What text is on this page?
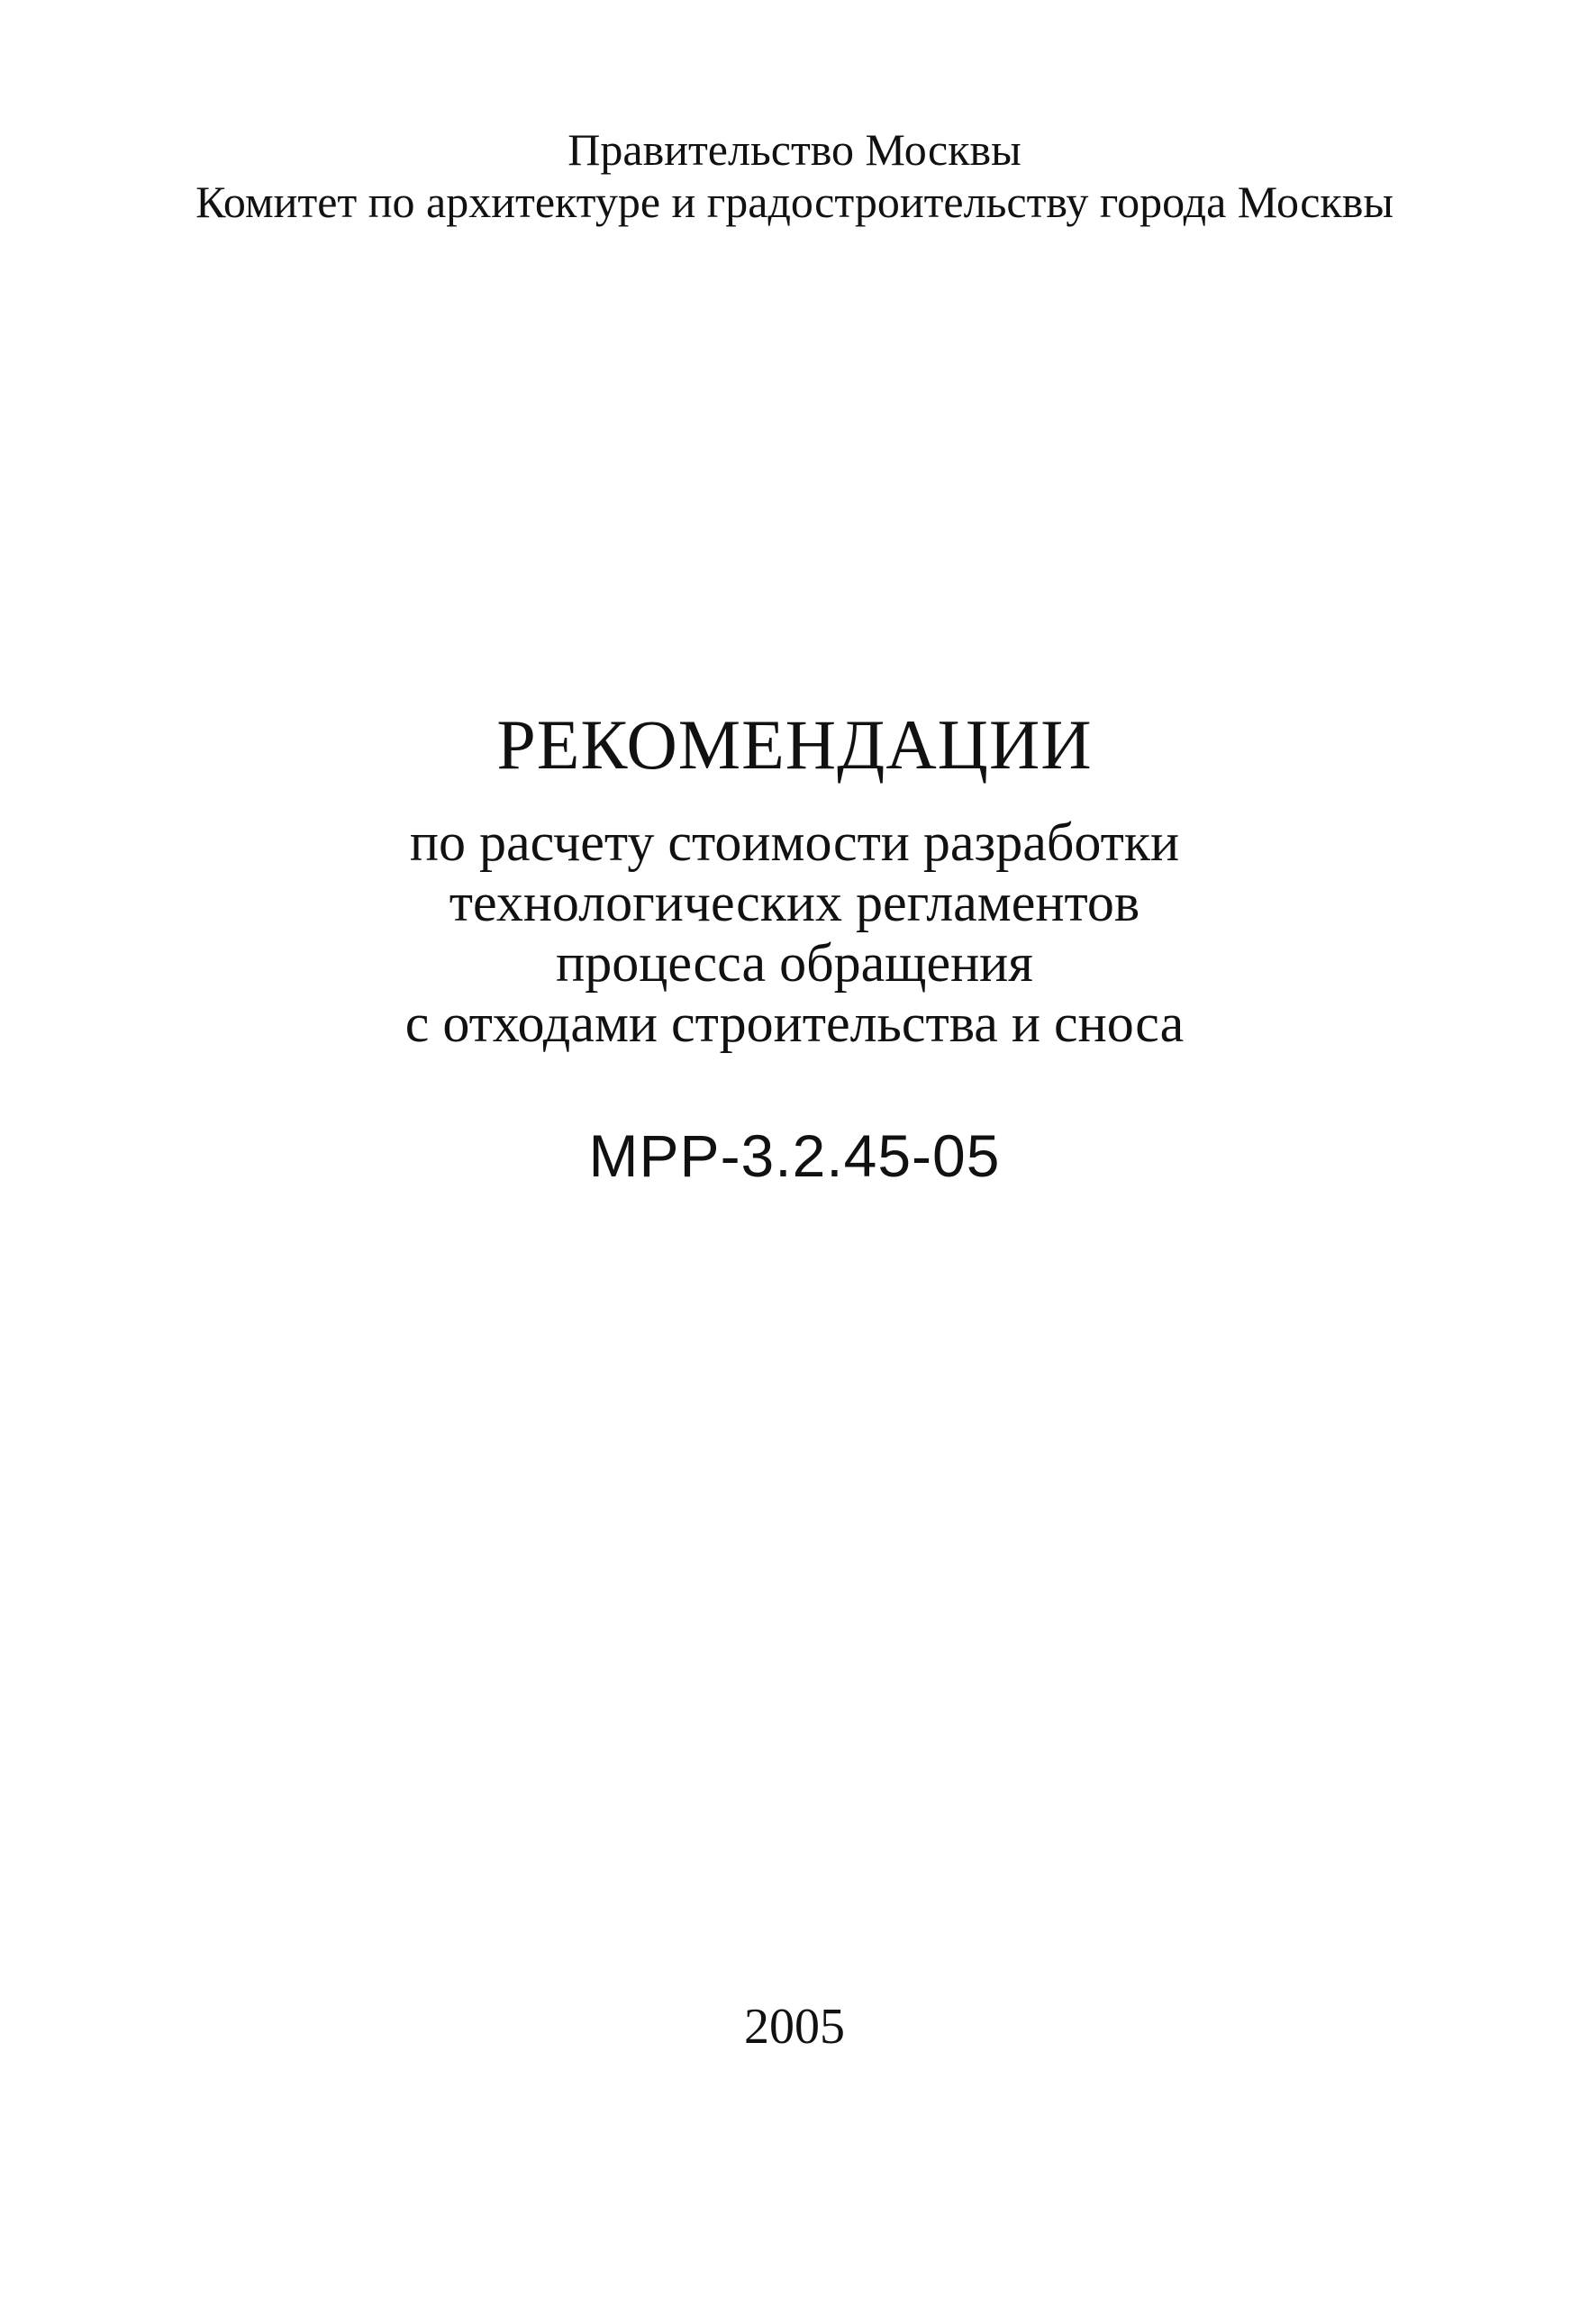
Правительство Москвы
Комитет по архитектуре и градостроительству города Москвы
РЕКОМЕНДАЦИИ
по расчету стоимости разработки
технологических регламентов
процесса обращения
с отходами строительства и сноса
МРР-3.2.45-05
2005
